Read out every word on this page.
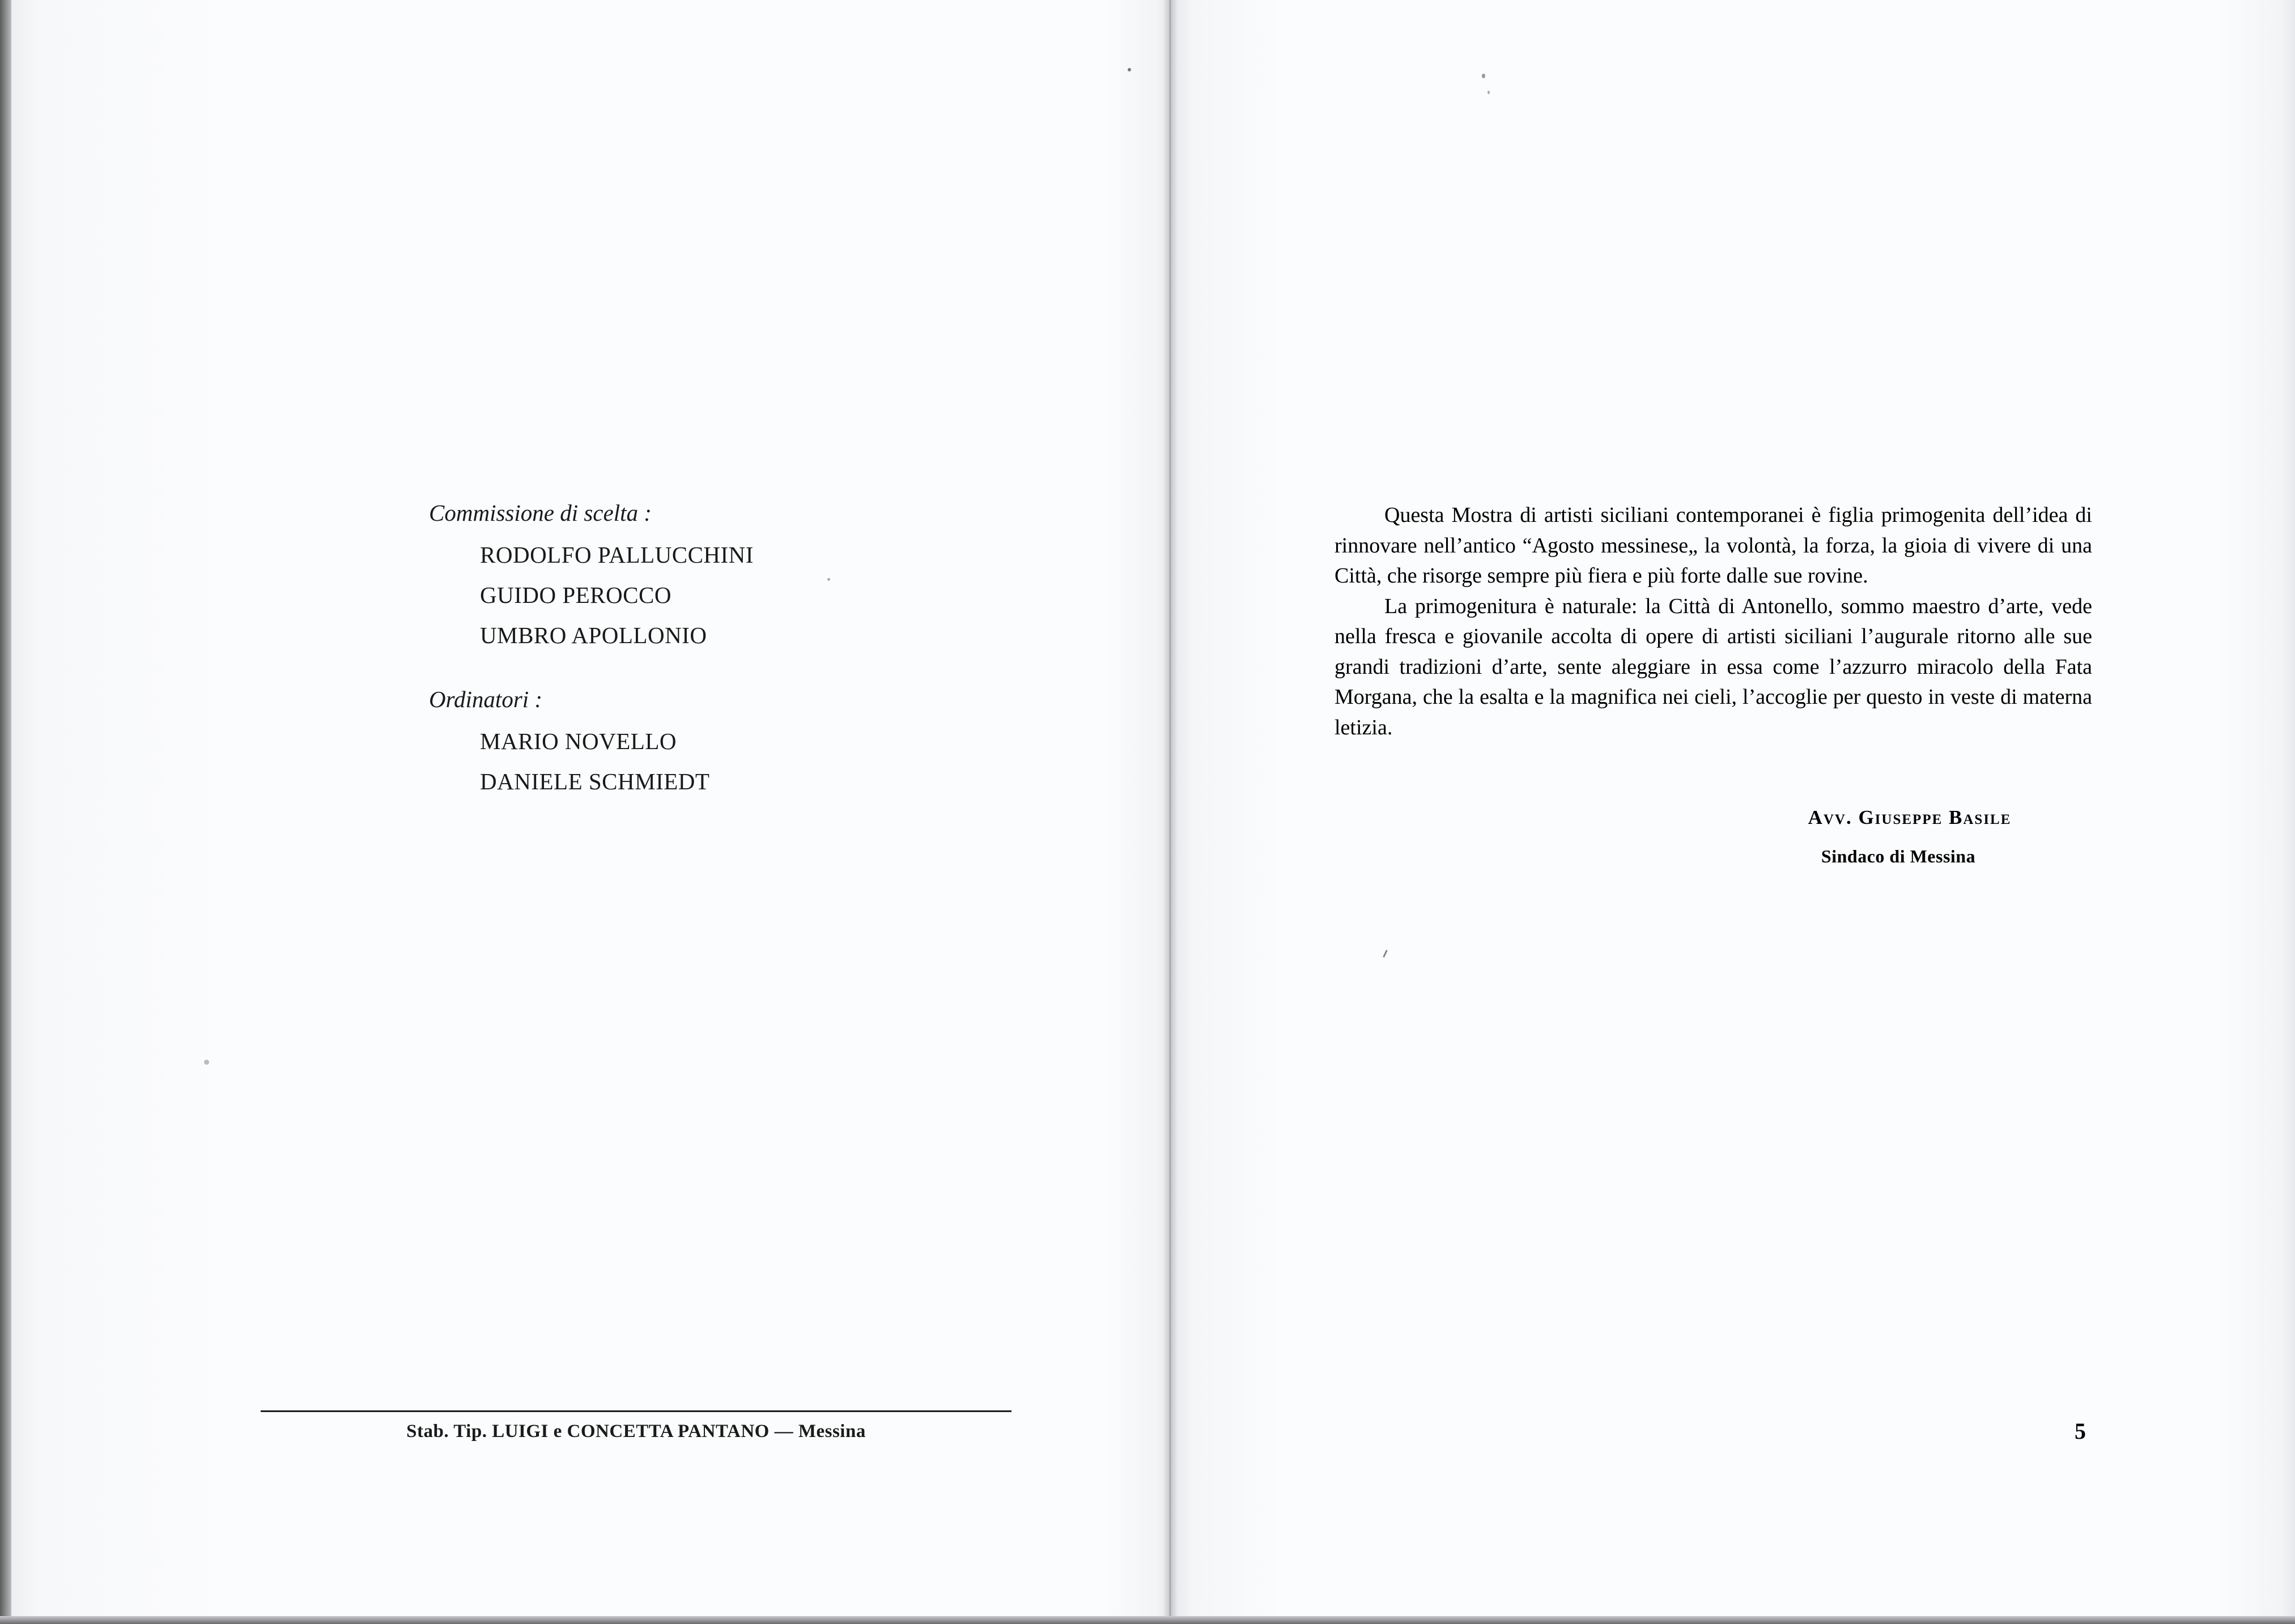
Commissione di scelta :

RODOLFO PALLUCCHINI
GUIDO PEROCCO
UMBRO APOLLONIO

Ordinatori :

MARIO NOVELLO
DANIELE SCHMIEDT
Stab. Tip. LUIGI e CONCETTA PANTANO — Messina

Questa Mostra di artisti siciliani contemporanei è figlia primogenita dell’idea di rinnovare nell’antico “Agosto messinese„ la volontà, la forza, la gioia di vivere di una Città, che risorge sempre più fiera e più forte dalle sue rovine.

La primogenitura è naturale: la Città di Antonello, sommo maestro d’arte, vede nella fresca e giovanile accolta di opere di artisti siciliani l’augurale ritorno alle sue grandi tradizioni d’arte, sente aleggiare in essa come l’azzurro miracolo della Fata Morgana, che la esalta e la magnifica nei cieli, l’accoglie per questo in veste di materna letizia.

Avv. Giuseppe Basile
Sindaco di Messina
5
